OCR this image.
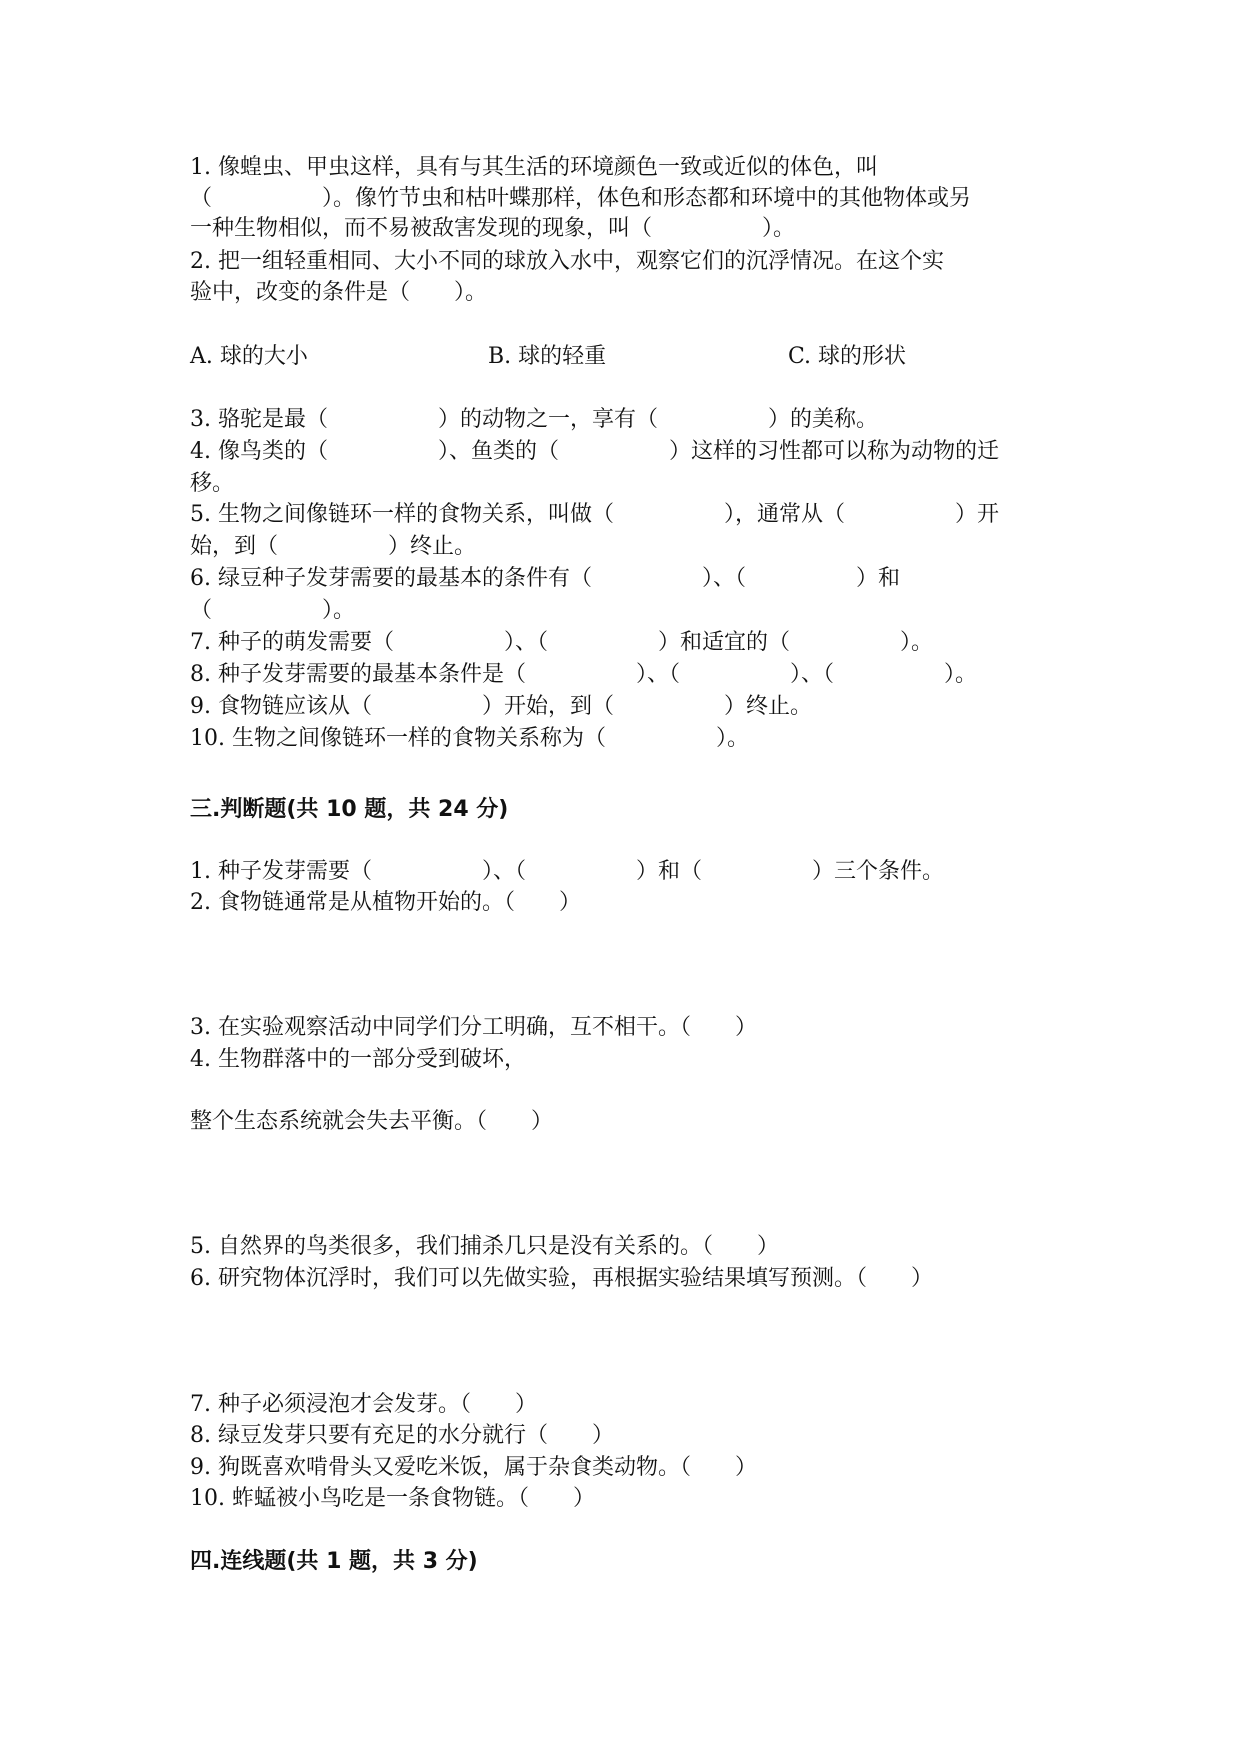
1. 像蝗虫、甲虫这样，具有与其生活的环境颜色一致或近似的体色，叫
（　　　　　）。像竹节虫和枯叶蝶那样，体色和形态都和环境中的其他物体或另
一种生物相似，而不易被敌害发现的现象，叫（　　　　　）。
2. 把一组轻重相同、大小不同的球放入水中，观察它们的沉浮情况。在这个实
验中，改变的条件是（　　）。
A. 球的大小	B. 球的轻重	C. 球的形状
3. 骆驼是最（　　　　　）的动物之一，享有（　　　　　）的美称。
4. 像鸟类的（　　　　　）、鱼类的（　　　　　）这样的习性都可以称为动物的迁
移。
5. 生物之间像链环一样的食物关系，叫做（　　　　　），通常从（　　　　　）开
始，到（　　　　　）终止。
6. 绿豆种子发芽需要的最基本的条件有（　　　　　）、（　　　　　）和
（　　　　　）。
7. 种子的萌发需要（　　　　　）、（　　　　　）和适宜的（　　　　　）。
8. 种子发芽需要的最基本条件是（　　　　　）、（　　　　　）、（　　　　　）。
9. 食物链应该从（　　　　　）开始，到（　　　　　）终止。
10. 生物之间像链环一样的食物关系称为（　　　　　）。
三.判断题(共 10 题，共 24 分)
1. 种子发芽需要（　　　　　）、（　　　　　）和（　　　　　）三个条件。
2. 食物链通常是从植物开始的。（　　）
3. 在实验观察活动中同学们分工明确，互不相干。（　　）
4. 生物群落中的一部分受到破坏，
整个生态系统就会失去平衡。（　　）
5. 自然界的鸟类很多，我们捕杀几只是没有关系的。（　　）
6. 研究物体沉浮时，我们可以先做实验，再根据实验结果填写预测。（　　）
7. 种子必须浸泡才会发芽。（　　）
8. 绿豆发芽只要有充足的水分就行（　　）
9. 狗既喜欢啃骨头又爱吃米饭，属于杂食类动物。（　　）
10. 蚱蜢被小鸟吃是一条食物链。（　　）
四.连线题(共 1 题，共 3 分)
